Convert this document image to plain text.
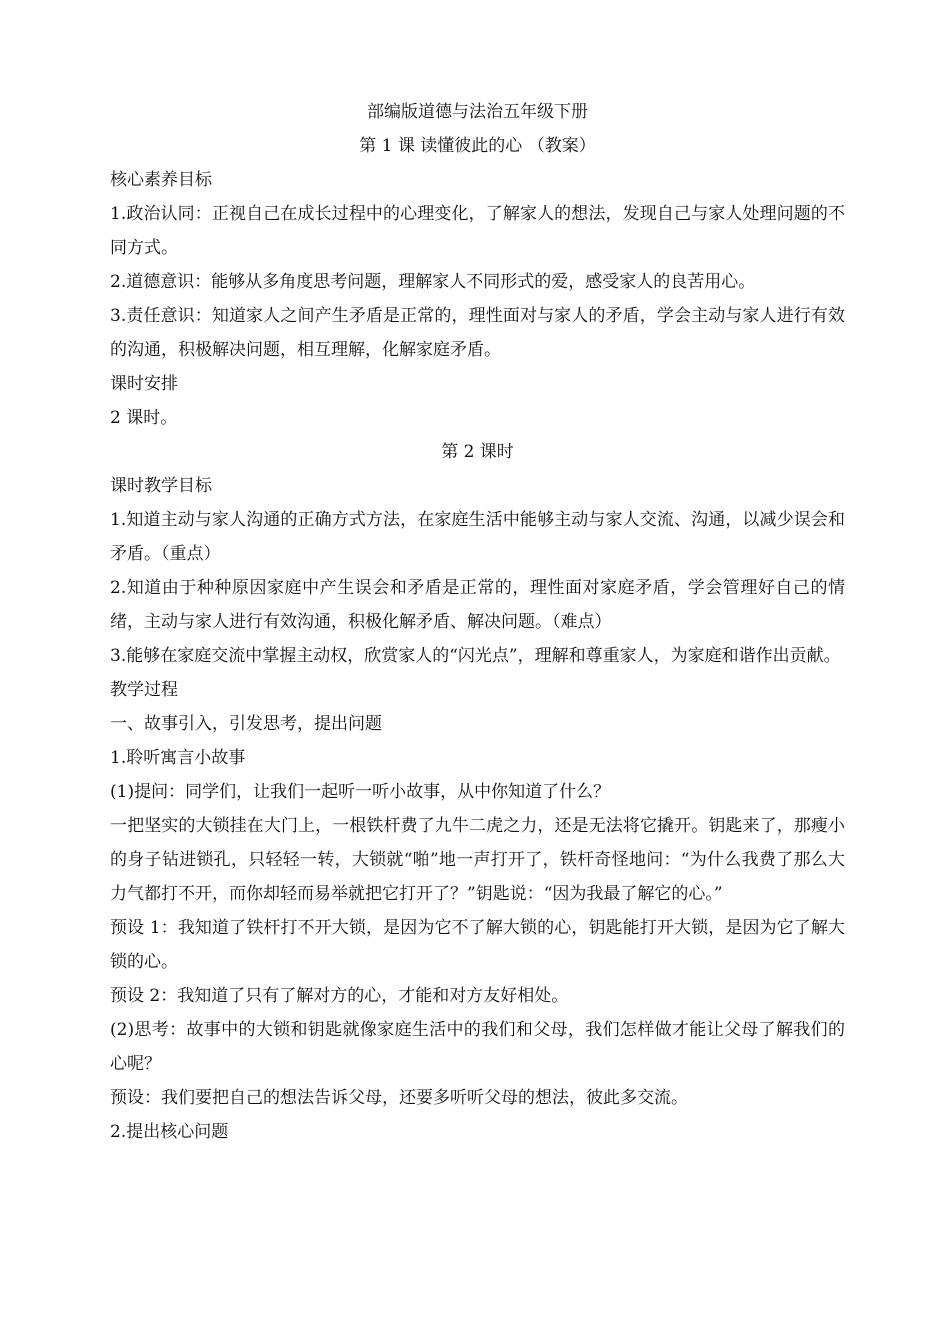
部编版道德与法治五年级下册

第 1 课 读懂彼此的心 （教案）

核心素养目标

1.政治认同：正视自己在成长过程中的心理变化，了解家人的想法，发现自己与家人处理问题的不同方式。

2.道德意识：能够从多角度思考问题，理解家人不同形式的爱，感受家人的良苦用心。

3.责任意识：知道家人之间产生矛盾是正常的，理性面对与家人的矛盾，学会主动与家人进行有效的沟通，积极解决问题，相互理解，化解家庭矛盾。

课时安排

2 课时。

第 2 课时

课时教学目标

1.知道主动与家人沟通的正确方式方法，在家庭生活中能够主动与家人交流、沟通，以减少误会和矛盾。（重点）

2.知道由于种种原因家庭中产生误会和矛盾是正常的，理性面对家庭矛盾，学会管理好自己的情绪，主动与家人进行有效沟通，积极化解矛盾、解决问题。（难点）

3.能够在家庭交流中掌握主动权，欣赏家人的“闪光点”，理解和尊重家人，为家庭和谐作出贡献。

教学过程

一、故事引入，引发思考，提出问题

1.聆听寓言小故事

(1)提问：同学们，让我们一起听一听小故事，从中你知道了什么？

一把坚实的大锁挂在大门上，一根铁杆费了九牛二虎之力，还是无法将它撬开。钥匙来了，那瘦小的身子钻进锁孔，只轻轻一转，大锁就“啪”地一声打开了，铁杆奇怪地问：“为什么我费了那么大力气都打不开，而你却轻而易举就把它打开了？”钥匙说：“因为我最了解它的心。”

预设 1：我知道了铁杆打不开大锁，是因为它不了解大锁的心，钥匙能打开大锁，是因为它了解大锁的心。

预设 2：我知道了只有了解对方的心，才能和对方友好相处。

(2)思考：故事中的大锁和钥匙就像家庭生活中的我们和父母，我们怎样做才能让父母了解我们的心呢？

预设：我们要把自己的想法告诉父母，还要多听听父母的想法，彼此多交流。

2.提出核心问题
